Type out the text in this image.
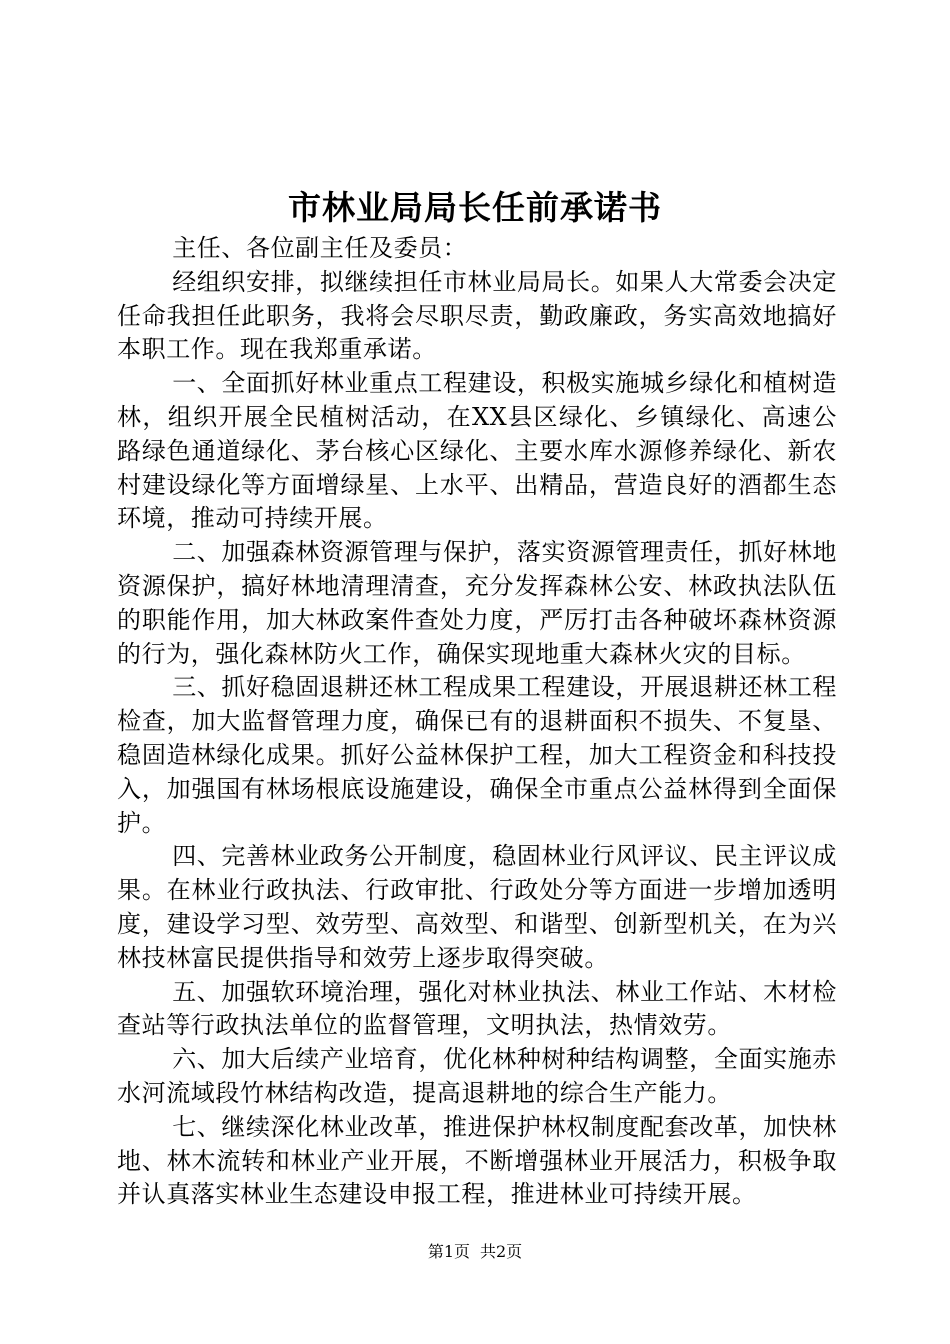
市林业局局长任前承诺书

主任、各位副主任及委员：

经组织安排，拟继续担任市林业局局长。如果人大常委会决定任命我担任此职务，我将会尽职尽责，勤政廉政，务实高效地搞好本职工作。现在我郑重承诺。

一、全面抓好林业重点工程建设，积极实施城乡绿化和植树造林，组织开展全民植树活动，在XX县区绿化、乡镇绿化、高速公路绿色通道绿化、茅台核心区绿化、主要水库水源修养绿化、新农村建设绿化等方面增绿星、上水平、出精品，营造良好的酒都生态环境，推动可持续开展。

二、加强森林资源管理与保护，落实资源管理责任，抓好林地资源保护，搞好林地清理清查，充分发挥森林公安、林政执法队伍的职能作用，加大林政案件查处力度，严厉打击各种破坏森林资源的行为，强化森林防火工作，确保实现地重大森林火灾的目标。

三、抓好稳固退耕还林工程成果工程建设，开展退耕还林工程检查，加大监督管理力度，确保已有的退耕面积不损失、不复垦、稳固造林绿化成果。抓好公益林保护工程，加大工程资金和科技投入，加强国有林场根底设施建设，确保全市重点公益林得到全面保护。

四、完善林业政务公开制度，稳固林业行风评议、民主评议成果。在林业行政执法、行政审批、行政处分等方面进一步增加透明度，建设学习型、效劳型、高效型、和谐型、创新型机关，在为兴林技林富民提供指导和效劳上逐步取得突破。

五、加强软环境治理，强化对林业执法、林业工作站、木材检查站等行政执法单位的监督管理，文明执法，热情效劳。

六、加大后续产业培育，优化林种树种结构调整，全面实施赤水河流域段竹林结构改造，提高退耕地的综合生产能力。

七、继续深化林业改革，推进保护林权制度配套改革，加快林地、林木流转和林业产业开展，不断增强林业开展活力，积极争取并认真落实林业生态建设申报工程，推进林业可持续开展。

第1页 共2页
